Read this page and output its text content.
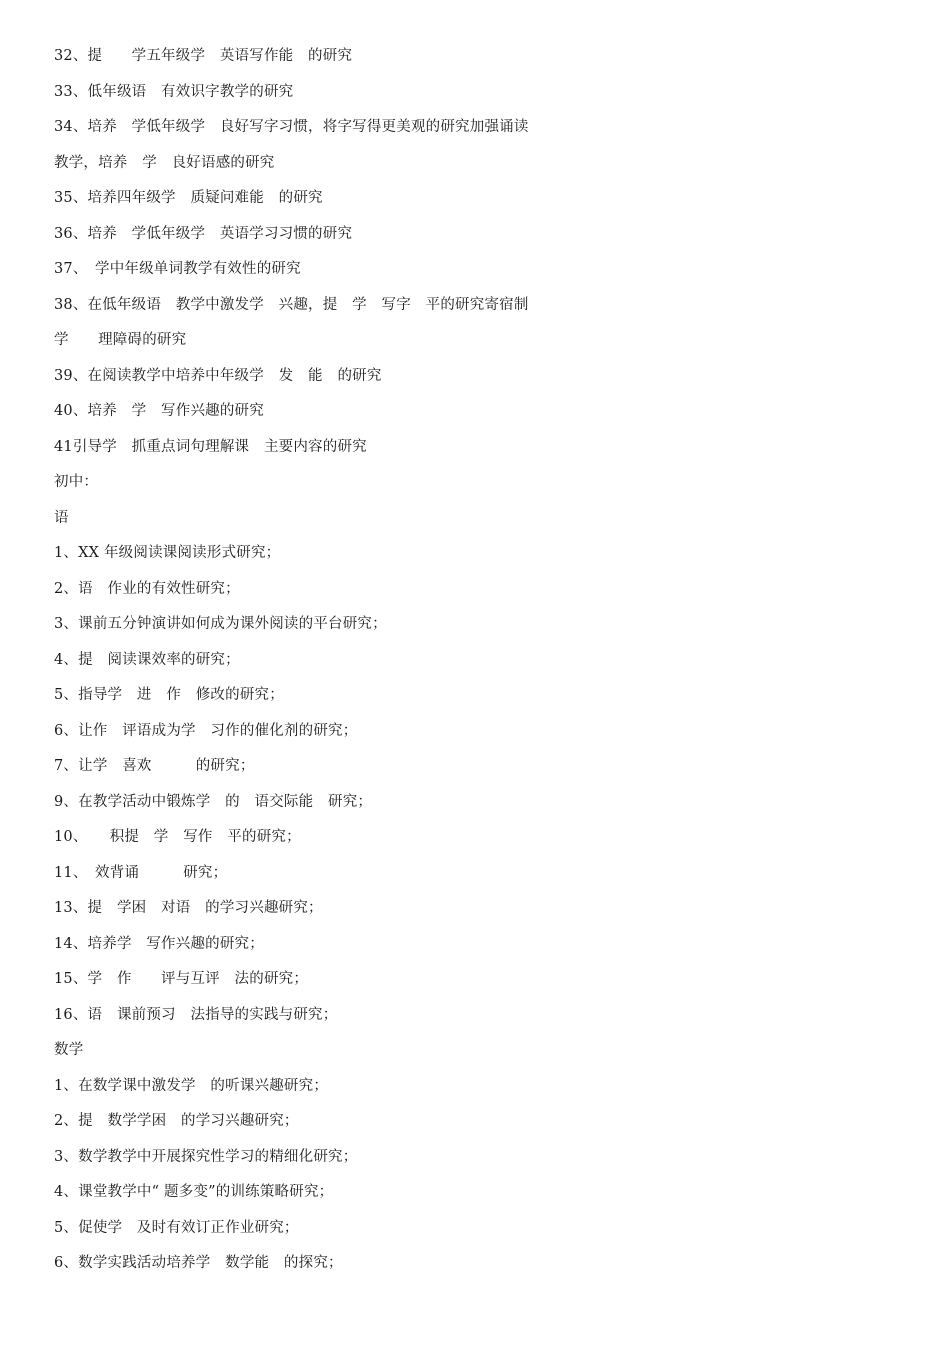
32、提　　学五年级学　英语写作能　的研究
33、低年级语　有效识字教学的研究
34、培养　学低年级学　良好写字习惯，将字写得更美观的研究加强诵读
教学，培养　学　良好语感的研究
35、培养四年级学　质疑问难能　的研究
36、培养　学低年级学　英语学习习惯的研究
37、　学中年级单词教学有效性的研究
38、在低年级语　教学中激发学　兴趣，提　学　写字　平的研究寄宿制
学　　理障碍的研究
39、在阅读教学中培养中年级学　发　能　的研究
40、培养　学　写作兴趣的研究
41引导学　抓重点词句理解课　主要内容的研究
初中：
语
1、XX 年级阅读课阅读形式研究；
2、语　作业的有效性研究；
3、课前五分钟演讲如何成为课外阅读的平台研究；
4、提　阅读课效率的研究；
5、指导学　进　作　修改的研究；
6、让作　评语成为学　习作的催化剂的研究；
7、让学　喜欢　　　的研究；
9、在教学活动中锻炼学　的　语交际能　研究；
10、　　积提　学　写作　平的研究；
11、　效背诵　　　研究；
13、提　学困　对语　的学习兴趣研究；
14、培养学　写作兴趣的研究；
15、学　作　　评与互评　法的研究；
16、语　课前预习　法指导的实践与研究；
数学
1、在数学课中激发学　的听课兴趣研究；
2、提　数学学困　的学习兴趣研究；
3、数学教学中开展探究性学习的精细化研究；
4、课堂教学中“ 题多变”的训练策略研究；
5、促使学　及时有效订正作业研究；
6、数学实践活动培养学　数学能　的探究；
